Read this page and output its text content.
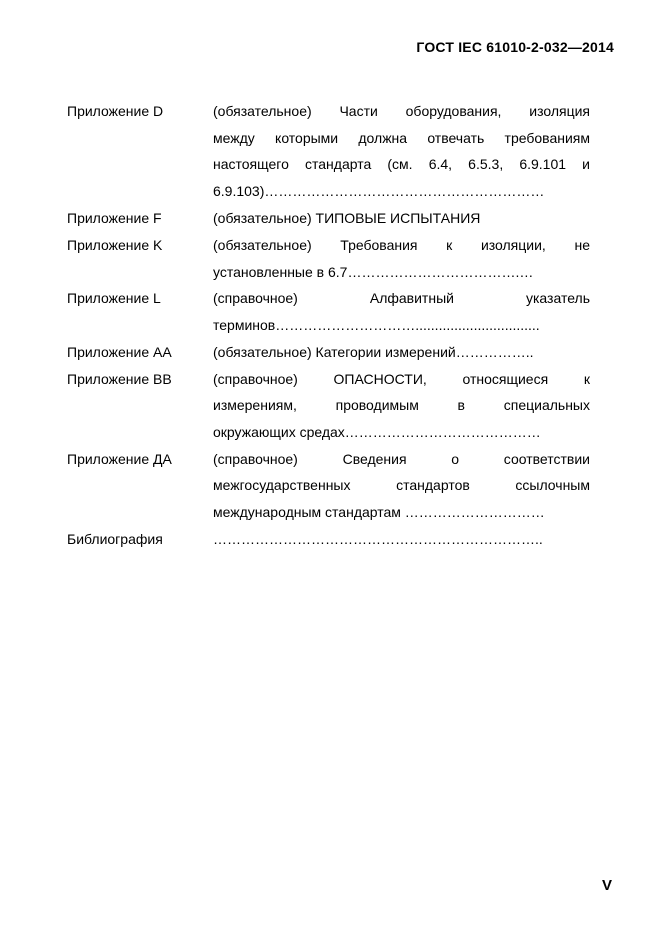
ГОСТ IEC 61010-2-032—2014
Приложение D	(обязательное) Части оборудования, изоляция
между которыми должна отвечать требованиям
настоящего стандарта (см. 6.4, 6.5.3, 6.9.101 и
6.9.103)……………………………………………………
Приложение F	(обязательное) ТИПОВЫЕ ИСПЫТАНИЯ
Приложение K	(обязательное) Требования к изоляции, не
установленные в 6.7……………………………….…
Приложение L	(справочное) Алфавитный указатель
терминов…………………………................................
Приложение AA	(обязательное) Категории измерений……………..
Приложение BB	(справочное) ОПАСНОСТИ, относящиеся к
измерениям, проводимым в специальных
окружающих средах……………………………………
Приложение ДА	(справочное) Сведения о соответствии
межгосударственных стандартов ссылочным
международным стандартам …………………………
Библиография	……………………………………………………………..
V
